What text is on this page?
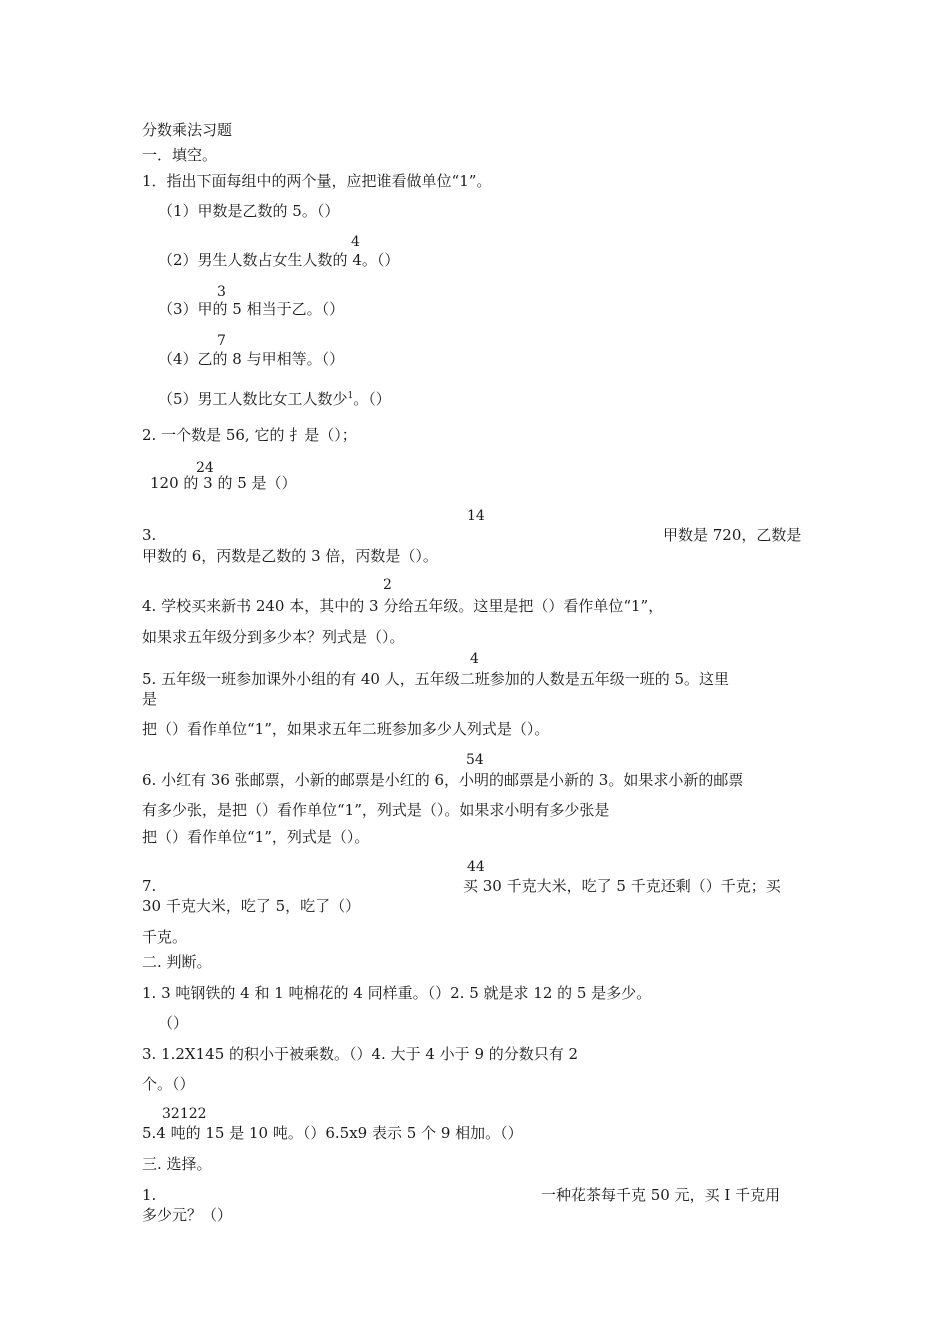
分数乘法习题
一．填空。
1．指出下面每组中的两个量，应把谁看做单位“1”。
（1）甲数是乙数的 5。（）
4
（2）男生人数占女生人数的 4。（）
3
（3）甲的 5 相当于乙。（）
7
（4）乙的 8 与甲相等。（）
（5）男工人数比女工人数少$^1$。（）
2. 一个数是 56, 它的 扌是（）；
24
120 的 3 的 5 是（）
14
3.	甲数是 720，乙数是
甲数的 6，丙数是乙数的 3 倍，丙数是（）。
2
4. 学校买来新书 240 本，其中的 3 分给五年级。这里是把（）看作单位“1”，
如果求五年级分到多少本？列式是（）。
4
5. 五年级一班参加课外小组的有 40 人，五年级二班参加的人数是五年级一班的 5。这里
是
把（）看作单位“1”，如果求五年二班参加多少人列式是（）。
54
6. 小红有 36 张邮票，小新的邮票是小红的 6，小明的邮票是小新的 3。如果求小新的邮票
有多少张，是把（）看作单位“1”，列式是（）。如果求小明有多少张是
把（）看作单位“1”，列式是（）。
44
7.	买 30 千克大米，吃了 5 千克还剩（）千克；买
30 千克大米，吃了 5，吃了（）
千克。
二. 判断。
1. 3 吨钢铁的 4 和 1 吨棉花的 4 同样重。（）2. 5 就是求 12 的 5 是多少。
（）
3. 1.2X145 的积小于被乘数。（）4. 大于 4 小于 9 的分数只有 2
个。（）
32122
5.4 吨的 15 是 10 吨。（）6.5x9 表示 5 个 9 相加。（）
三. 选择。
1.	一种花茶每千克 50 元，买 I 千克用
多少元？（）
